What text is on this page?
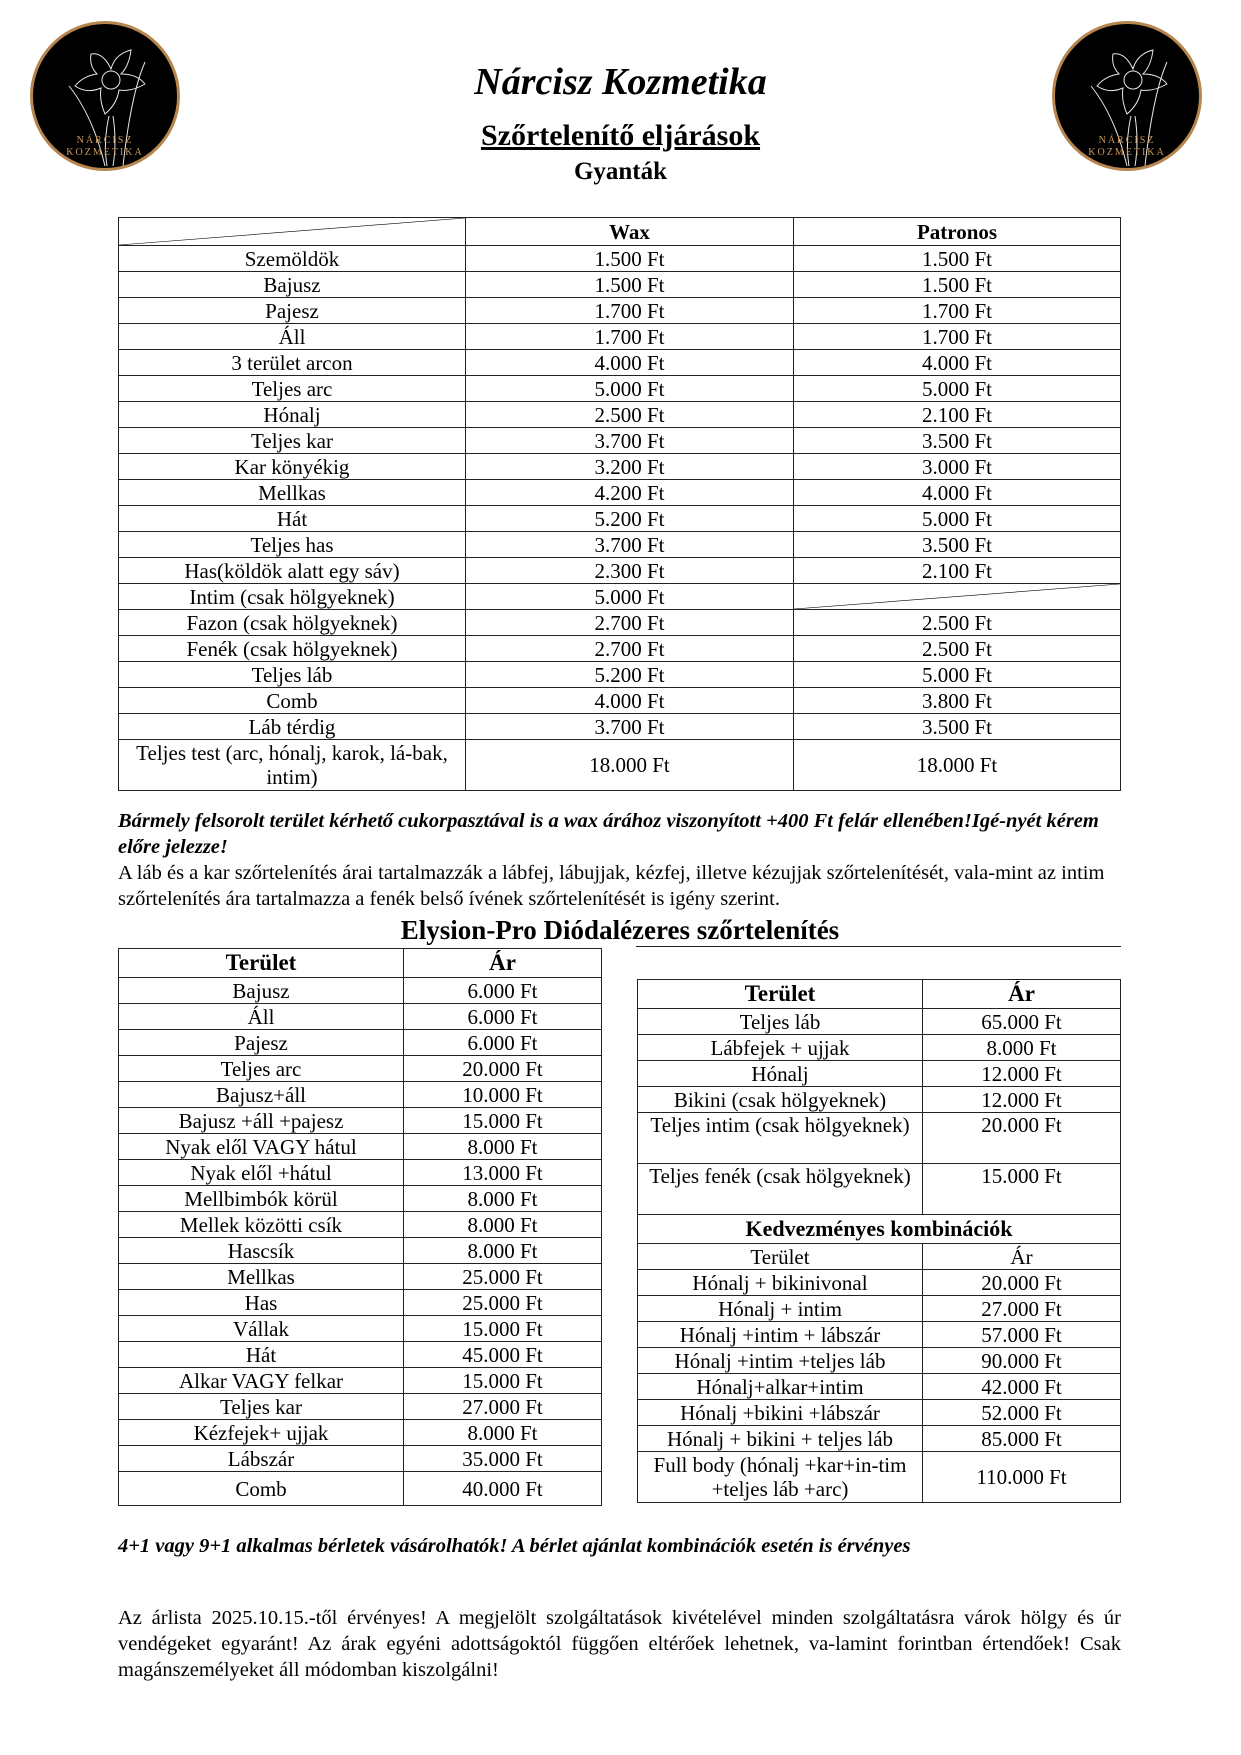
NÁRCISZ
KOZMETIKA
NÁRCISZ
KOZMETIKA
Nárcisz Kozmetika
Szőrtelenítő eljárások
Gyanták
	Wax	Patronos
Szemöldök	1.500 Ft	1.500 Ft
Bajusz	1.500 Ft	1.500 Ft
Pajesz	1.700 Ft	1.700 Ft
Áll	1.700 Ft	1.700 Ft
3 terület arcon	4.000 Ft	4.000 Ft
Teljes arc	5.000 Ft	5.000 Ft
Hónalj	2.500 Ft	2.100 Ft
Teljes kar	3.700 Ft	3.500 Ft
Kar könyékig	3.200 Ft	3.000 Ft
Mellkas	4.200 Ft	4.000 Ft
Hát	5.200 Ft	5.000 Ft
Teljes has	3.700 Ft	3.500 Ft
Has(köldök alatt egy sáv)	2.300 Ft	2.100 Ft
Intim (csak hölgyeknek)	5.000 Ft	

Fazon (csak hölgyeknek)	2.700 Ft	2.500 Ft
Fenék (csak hölgyeknek)	2.700 Ft	2.500 Ft
Teljes láb	5.200 Ft	5.000 Ft
Comb	4.000 Ft	3.800 Ft
Láb térdig	3.700 Ft	3.500 Ft
Teljes test (arc, hónalj, karok, lá-bak, intim)	18.000 Ft	18.000 Ft
Bármely felsorolt terület kérhető cukorpasztával is a wax árához viszonyított +400 Ft felár ellenében!Igé-nyét kérem előre jelezze!
A láb és a kar szőrtelenítés árai tartalmazzák a lábfej, lábujjak, kézfej, illetve kézujjak szőrtelenítését, vala-mint az intim szőrtelenítés ára tartalmazza a fenék belső ívének szőrtelenítését is igény szerint.
Elysion-Pro Diódalézeres szőrtelenítés
Terület	Ár
Bajusz	6.000 Ft
Áll	6.000 Ft
Pajesz	6.000 Ft
Teljes arc	20.000 Ft
Bajusz+áll	10.000 Ft
Bajusz +áll +pajesz	15.000 Ft
Nyak elől VAGY hátul	8.000 Ft
Nyak elől +hátul	13.000 Ft
Mellbimbók körül	8.000 Ft
Mellek közötti csík	8.000 Ft
Hascsík	8.000 Ft
Mellkas	25.000 Ft
Has	25.000 Ft
Vállak	15.000 Ft
Hát	45.000 Ft
Alkar VAGY felkar	15.000 Ft
Teljes kar	27.000 Ft
Kézfejek+ ujjak	8.000 Ft
Lábszár	35.000 Ft
Comb	40.000 Ft
Terület	Ár
Teljes láb	65.000 Ft
Lábfejek + ujjak	8.000 Ft
Hónalj	12.000 Ft
Bikini (csak hölgyeknek)	12.000 Ft
Teljes intim (csak hölgyeknek)	20.000 Ft
Teljes fenék (csak hölgyeknek)	15.000 Ft
Kedvezményes kombinációk	
Terület	Ár
Hónalj + bikinivonal	20.000 Ft
Hónalj + intim	27.000 Ft
Hónalj +intim + lábszár	57.000 Ft
Hónalj +intim +teljes láb	90.000 Ft
Hónalj+alkar+intim	42.000 Ft
Hónalj +bikini +lábszár	52.000 Ft
Hónalj + bikini + teljes láb	85.000 Ft
Full body (hónalj +kar+in-tim +teljes láb +arc)	110.000 Ft
4+1 vagy 9+1 alkalmas bérletek vásárolhatók! A bérlet ajánlat kombinációk esetén is érvényes
Az árlista 2025.10.15.-től érvényes! A megjelölt szolgáltatások kivételével minden szolgáltatásra várok hölgy és úr vendégeket egyaránt! Az árak egyéni adottságoktól függően eltérőek lehetnek, va-lamint forintban értendőek! Csak magánszemélyeket áll módomban kiszolgálni!
